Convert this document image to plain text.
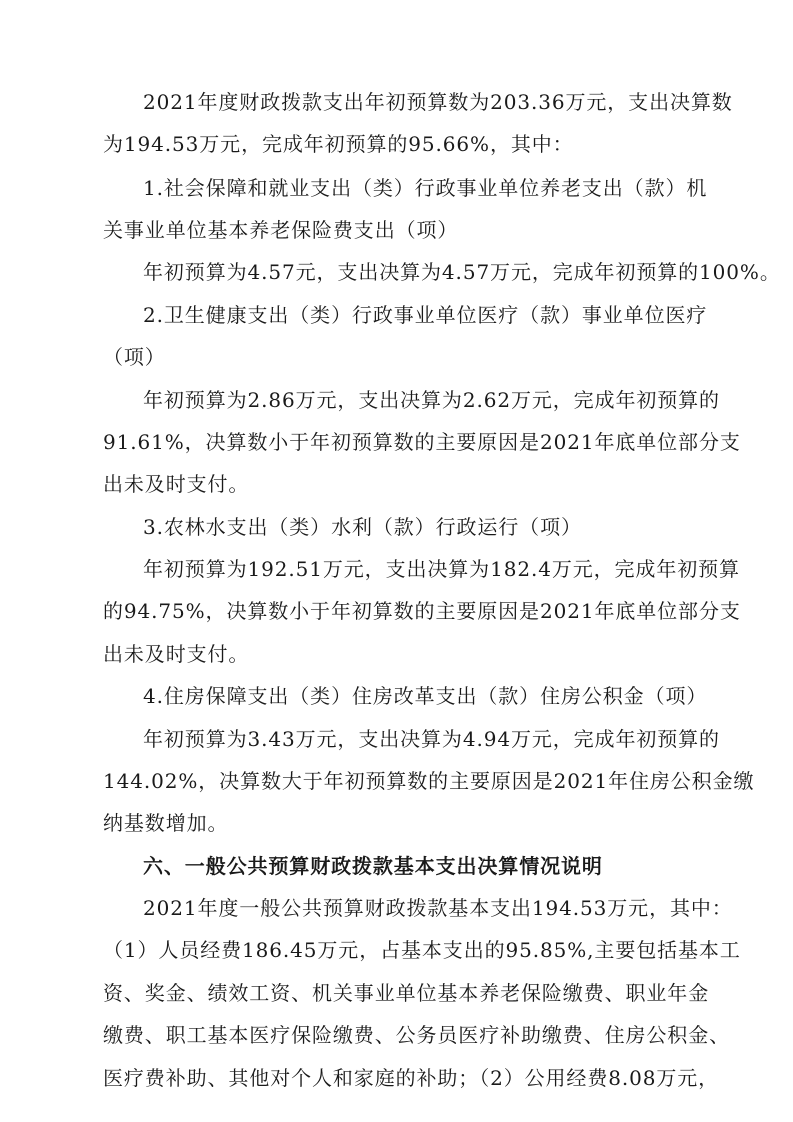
2021年度财政拨款支出年初预算数为203.36万元，支出决算数
为194.53万元，完成年初预算的95.66%，其中：
1.社会保障和就业支出（类）行政事业单位养老支出（款）机
关事业单位基本养老保险费支出（项）
年初预算为4.57元，支出决算为4.57万元，完成年初预算的100%。
2.卫生健康支出（类）行政事业单位医疗（款）事业单位医疗
（项）
年初预算为2.86万元，支出决算为2.62万元，完成年初预算的
91.61%，决算数小于年初预算数的主要原因是2021年底单位部分支
出未及时支付。
3.农林水支出（类）水利（款）行政运行（项）
年初预算为192.51万元，支出决算为182.4万元，完成年初预算
的94.75%，决算数小于年初算数的主要原因是2021年底单位部分支
出未及时支付。
4.住房保障支出（类）住房改革支出（款）住房公积金（项）
年初预算为3.43万元，支出决算为4.94万元，完成年初预算的
144.02%，决算数大于年初预算数的主要原因是2021年住房公积金缴
纳基数增加。
六、一般公共预算财政拨款基本支出决算情况说明
2021年度一般公共预算财政拨款基本支出194.53万元，其中：
（1）人员经费186.45万元，占基本支出的95.85%,主要包括基本工
资、奖金、绩效工资、机关事业单位基本养老保险缴费、职业年金
缴费、职工基本医疗保险缴费、公务员医疗补助缴费、住房公积金、
医疗费补助、其他对个人和家庭的补助；（2）公用经费8.08万元，
